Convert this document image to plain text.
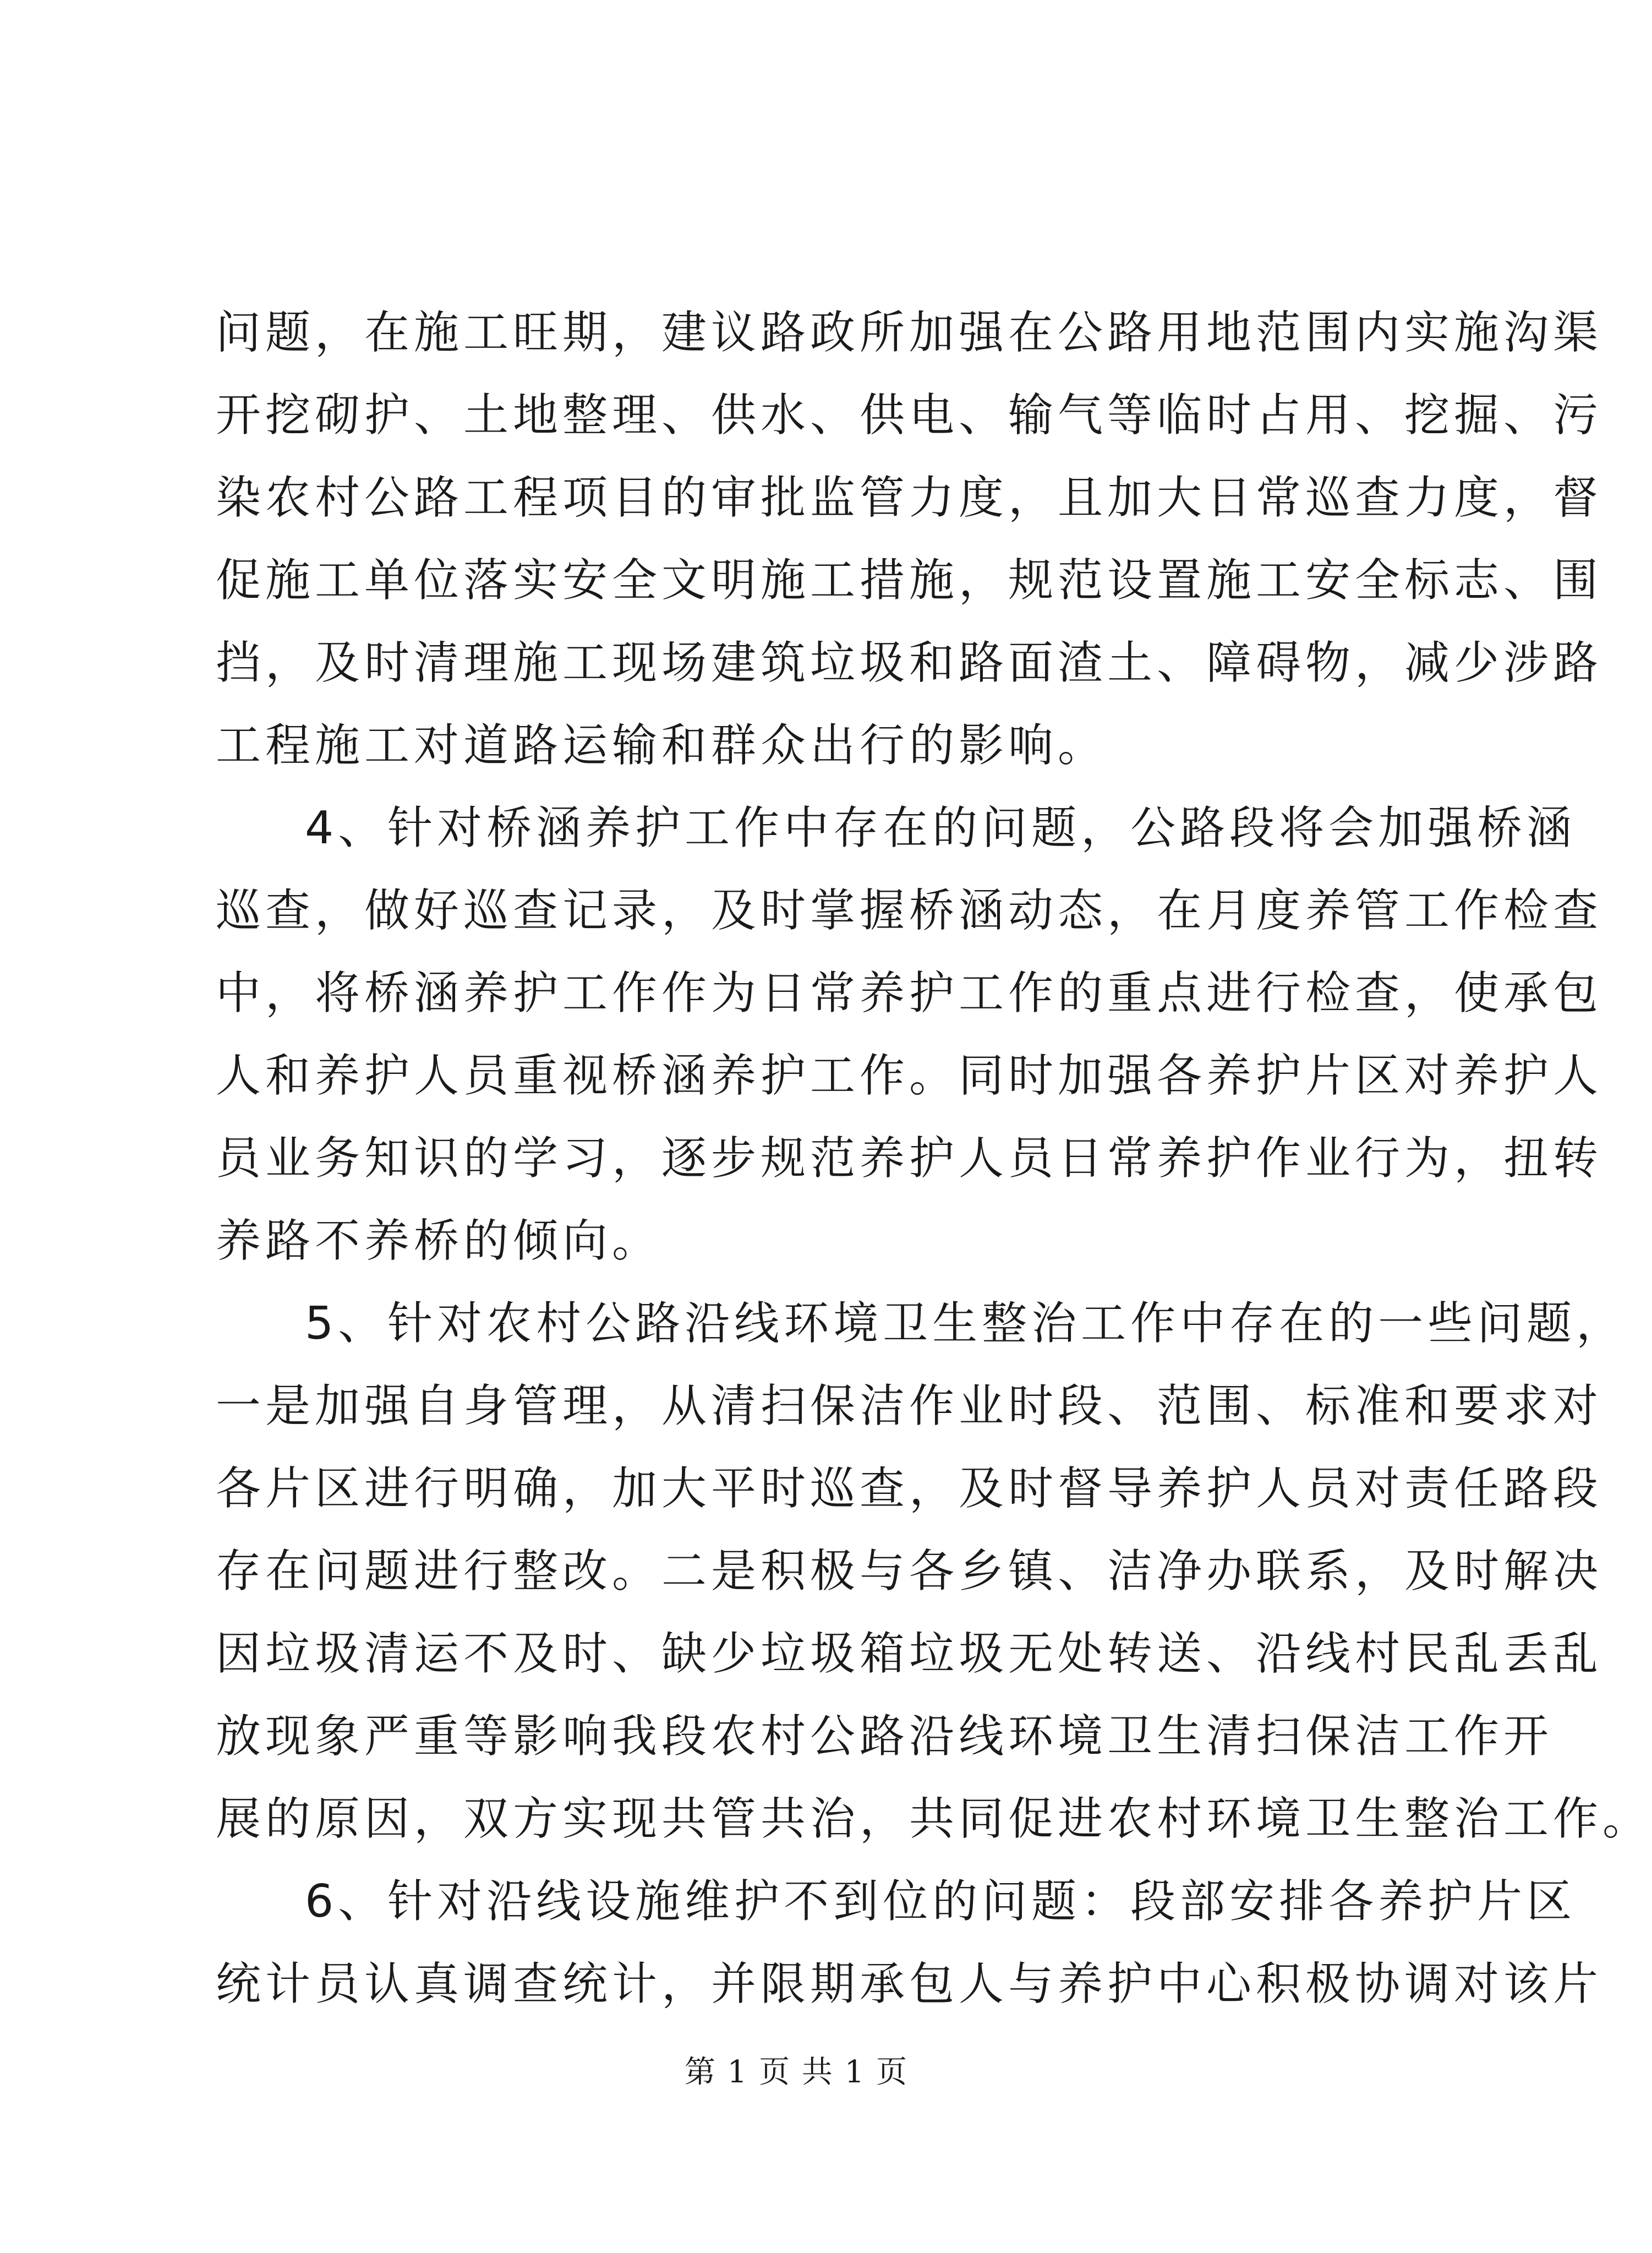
问题，在施工旺期，建议路政所加强在公路用地范围内实施沟渠
开挖砌护、土地整理、供水、供电、输气等临时占用、挖掘、污
染农村公路工程项目的审批监管力度，且加大日常巡查力度，督
促施工单位落实安全文明施工措施，规范设置施工安全标志、围
挡，及时清理施工现场建筑垃圾和路面渣土、障碍物，减少涉路
工程施工对道路运输和群众出行的影响。
4、针对桥涵养护工作中存在的问题，公路段将会加强桥涵
巡查，做好巡查记录，及时掌握桥涵动态，在月度养管工作检查
中，将桥涵养护工作作为日常养护工作的重点进行检查，使承包
人和养护人员重视桥涵养护工作。同时加强各养护片区对养护人
员业务知识的学习，逐步规范养护人员日常养护作业行为，扭转
养路不养桥的倾向。
5、针对农村公路沿线环境卫生整治工作中存在的一些问题，
一是加强自身管理，从清扫保洁作业时段、范围、标准和要求对
各片区进行明确，加大平时巡查，及时督导养护人员对责任路段
存在问题进行整改。二是积极与各乡镇、洁净办联系，及时解决
因垃圾清运不及时、缺少垃圾箱垃圾无处转送、沿线村民乱丢乱
放现象严重等影响我段农村公路沿线环境卫生清扫保洁工作开
展的原因，双方实现共管共治，共同促进农村环境卫生整治工作。
6、针对沿线设施维护不到位的问题：段部安排各养护片区
统计员认真调查统计，并限期承包人与养护中心积极协调对该片
第 1 页 共 1 页
